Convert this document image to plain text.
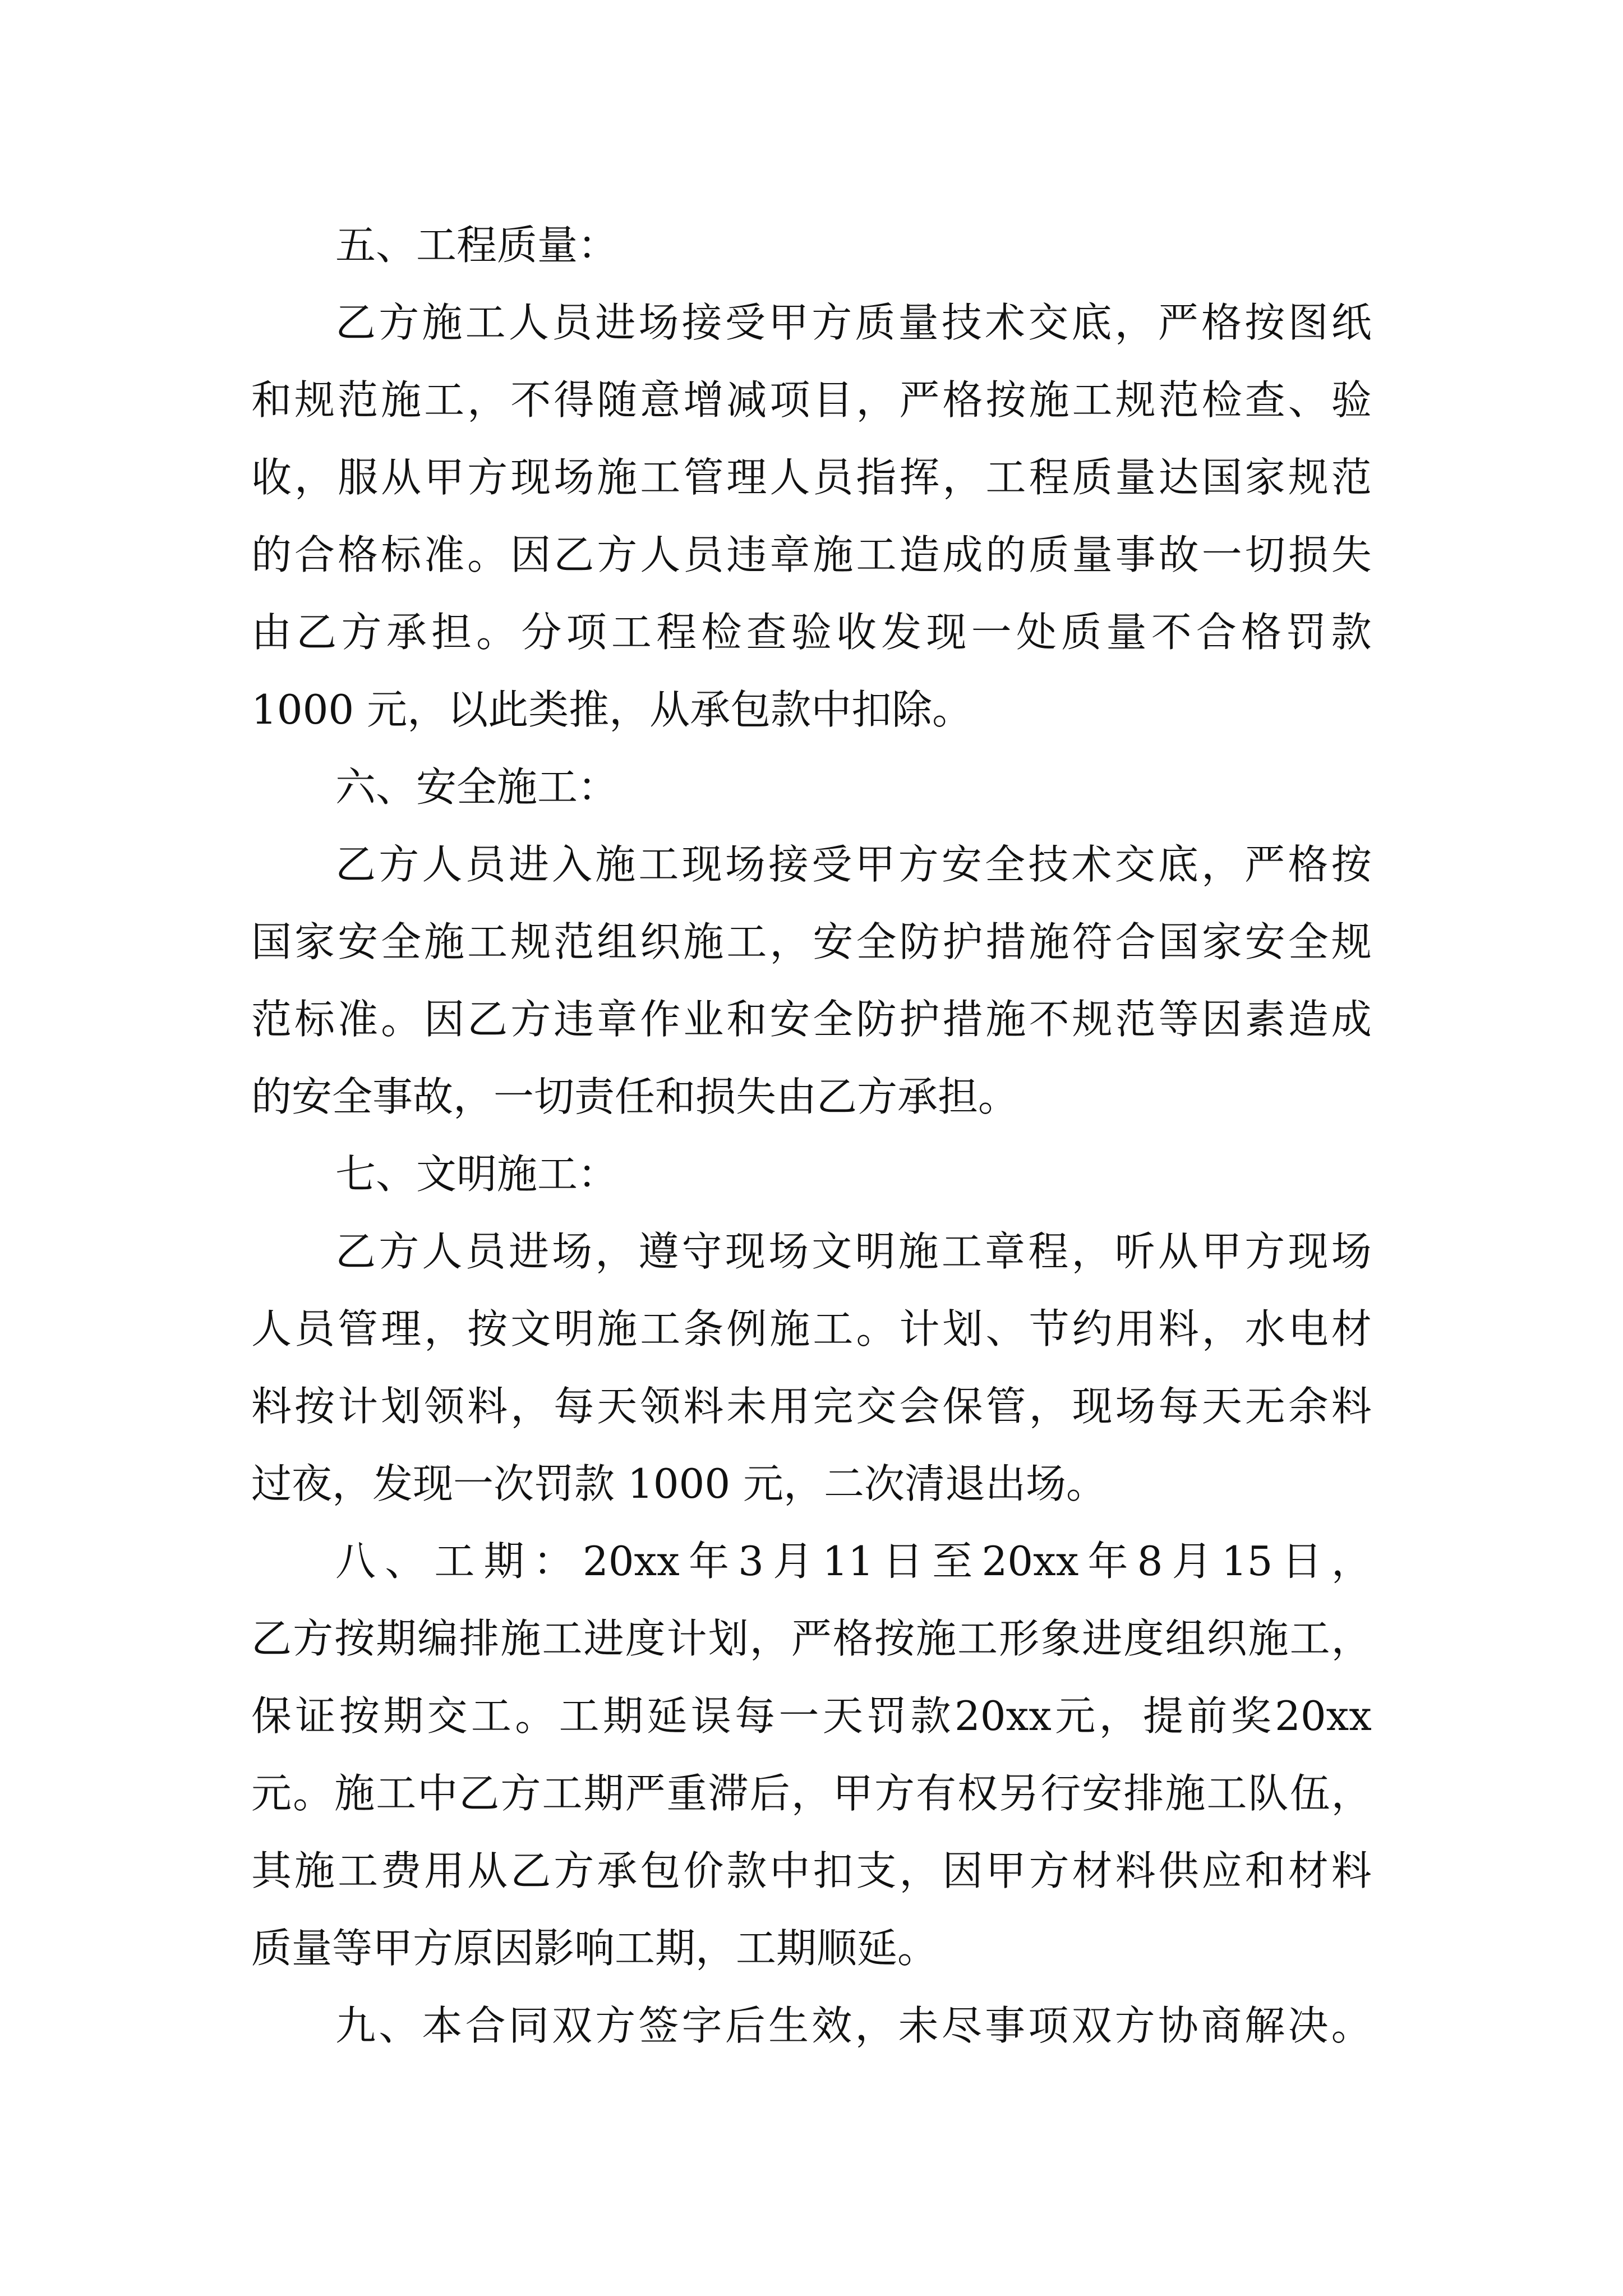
五、工程质量：
乙 方 施 工 人 员 进 场 接 受 甲 方 质 量 技 术 交 底 ， 严 格 按 图 纸
和 规 范 施 工 ， 不 得 随 意 增 减 项 目 ， 严 格 按 施 工 规 范 检 查 、 验
收 ， 服 从 甲 方 现 场 施 工 管 理 人 员 指 挥 ， 工 程 质 量 达 国 家 规 范
的 合 格 标 准 。 因 乙 方 人 员 违 章 施 工 造 成 的 质 量 事 故 一 切 损 失
由 乙 方 承 担 。 分 项 工 程 检 查 验 收 发 现 一 处 质 量 不 合 格 罚 款
1000 元，以此类推，从承包款中扣除。
六、安全施工：
乙 方 人 员 进 入 施 工 现 场 接 受 甲 方 安 全 技 术 交 底 ， 严 格 按
国 家 安 全 施 工 规 范 组 织 施 工 ， 安 全 防 护 措 施 符 合 国 家 安 全 规
范 标 准 。 因 乙 方 违 章 作 业 和 安 全 防 护 措 施 不 规 范 等 因 素 造 成
的安全事故，一切责任和损失由乙方承担。
七、文明施工：
乙 方 人 员 进 场 ， 遵 守 现 场 文 明 施 工 章 程 ， 听 从 甲 方 现 场
人 员 管 理 ， 按 文 明 施 工 条 例 施 工 。 计 划 、 节 约 用 料 ， 水 电 材
料 按 计 划 领 料 ， 每 天 领 料 未 用 完 交 会 保 管 ， 现 场 每 天 无 余 料
过夜，发现一次罚款 1000 元，二次清退出场。
八 、 工 期 ： 20xx 年 3 月 11 日 至 20xx 年 8 月 15 日 ，
乙 方 按 期 编 排 施 工 进 度 计 划 ， 严 格 按 施 工 形 象 进 度 组 织 施 工 ，
保 证 按 期 交 工 。 工 期 延 误 每 一 天 罚 款 20xx 元 ， 提 前 奖 20xx
元 。 施 工 中 乙 方 工 期 严 重 滞 后 ， 甲 方 有 权 另 行 安 排 施 工 队 伍 ，
其 施 工 费 用 从 乙 方 承 包 价 款 中 扣 支 ， 因 甲 方 材 料 供 应 和 材 料
质量等甲方原因影响工期，工期顺延。
九 、 本 合 同 双 方 签 字 后 生 效 ， 未 尽 事 项 双 方 协 商 解 决 。
